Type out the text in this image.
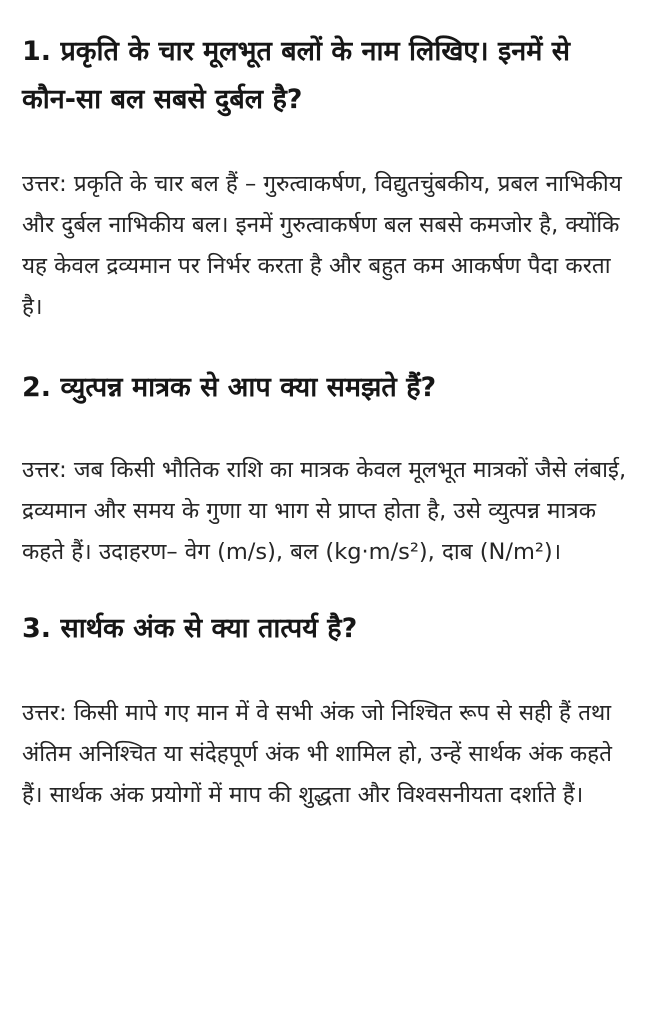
1. प्रकृति के चार मूलभूत बलों के नाम लिखिए। इनमें से कौन-सा बल सबसे दुर्बल है?

उत्तर: प्रकृति के चार बल हैं – गुरुत्वाकर्षण, विद्युतचुंबकीय, प्रबल नाभिकीय और दुर्बल नाभिकीय बल। इनमें गुरुत्वाकर्षण बल सबसे कमजोर है, क्योंकि यह केवल द्रव्यमान पर निर्भर करता है और बहुत कम आकर्षण पैदा करता है।

2. व्युत्पन्न मात्रक से आप क्या समझते हैं?

उत्तर: जब किसी भौतिक राशि का मात्रक केवल मूलभूत मात्रकों जैसे लंबाई, द्रव्यमान और समय के गुणा या भाग से प्राप्त होता है, उसे व्युत्पन्न मात्रक कहते हैं। उदाहरण– वेग (m/s), बल (kg·m/s²), दाब (N/m²)।

3. सार्थक अंक से क्या तात्पर्य है?

उत्तर: किसी मापे गए मान में वे सभी अंक जो निश्चित रूप से सही हैं तथा अंतिम अनिश्चित या संदेहपूर्ण अंक भी शामिल हो, उन्हें सार्थक अंक कहते हैं। सार्थक अंक प्रयोगों में माप की शुद्धता और विश्वसनीयता दर्शाते हैं।
